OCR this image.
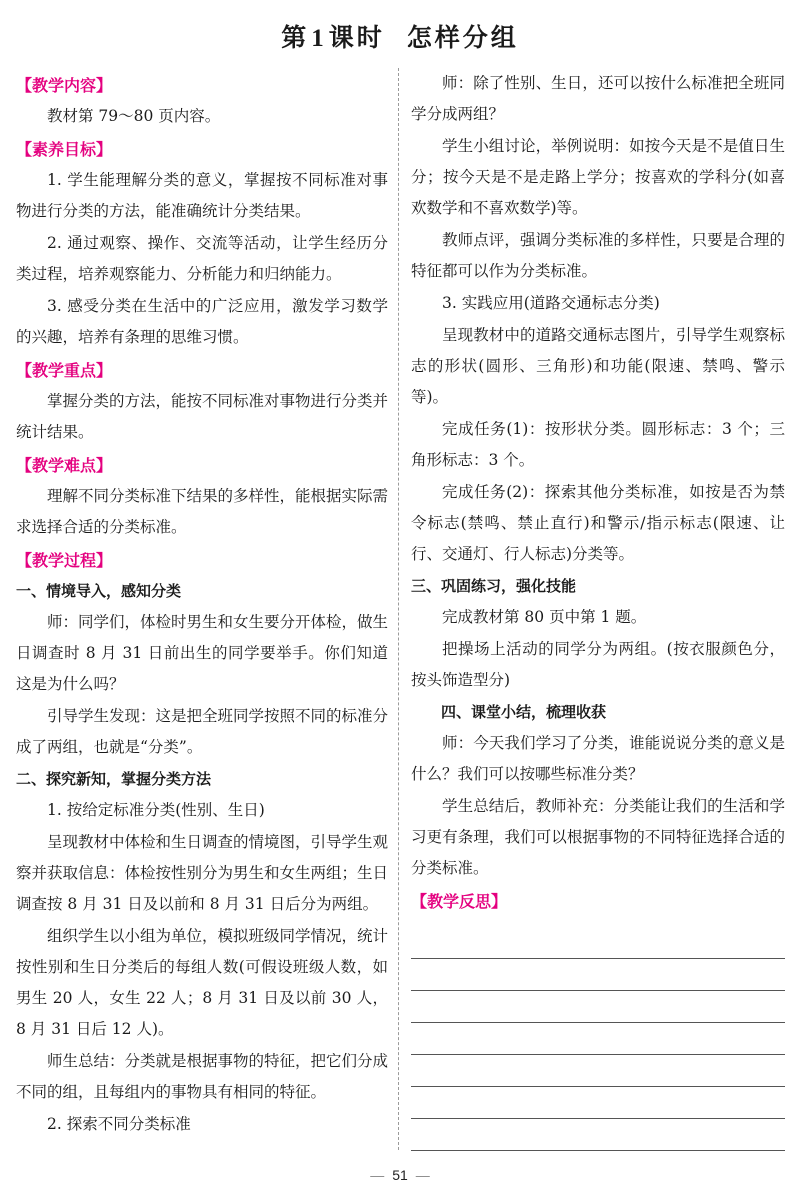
第1课时 怎样分组
【教学内容】

教材第 79～80 页内容。

【素养目标】

1. 学生能理解分类的意义，掌握按不同标准对事物进行分类的方法，能准确统计分类结果。

2. 通过观察、操作、交流等活动，让学生经历分类过程，培养观察能力、分析能力和归纳能力。

3. 感受分类在生活中的广泛应用，激发学习数学的兴趣，培养有条理的思维习惯。

【教学重点】

掌握分类的方法，能按不同标准对事物进行分类并统计结果。

【教学难点】

理解不同分类标准下结果的多样性，能根据实际需求选择合适的分类标准。

【教学过程】
一、情境导入，感知分类

师：同学们，体检时男生和女生要分开体检，做生日调查时 8 月 31 日前出生的同学要举手。你们知道这是为什么吗？

引导学生发现：这是把全班同学按照不同的标准分成了两组，也就是“分类”。

二、探究新知，掌握分类方法

1. 按给定标准分类(性别、生日)

呈现教材中体检和生日调查的情境图，引导学生观察并获取信息：体检按性别分为男生和女生两组；生日调查按 8 月 31 日及以前和 8 月 31 日后分为两组。

组织学生以小组为单位，模拟班级同学情况，统计按性别和生日分类后的每组人数(可假设班级人数，如男生 20 人，女生 22 人；8 月 31 日及以前 30 人，8 月 31 日后 12 人)。

师生总结：分类就是根据事物的特征，把它们分成不同的组，且每组内的事物具有相同的特征。

2. 探索不同分类标准

师：除了性别、生日，还可以按什么标准把全班同学分成两组？

学生小组讨论，举例说明：如按今天是不是值日生分；按今天是不是走路上学分；按喜欢的学科分(如喜欢数学和不喜欢数学)等。

教师点评，强调分类标准的多样性，只要是合理的特征都可以作为分类标准。

3. 实践应用(道路交通标志分类)

呈现教材中的道路交通标志图片，引导学生观察标志的形状(圆形、三角形)和功能(限速、禁鸣、警示等)。

完成任务(1)：按形状分类。圆形标志：3 个；三角形标志：3 个。

完成任务(2)：探索其他分类标准，如按是否为禁令标志(禁鸣、禁止直行)和警示/指示标志(限速、让行、交通灯、行人标志)分类等。

三、巩固练习，强化技能

完成教材第 80 页中第 1 题。

把操场上活动的同学分为两组。(按衣服颜色分，按头饰造型分)

四、课堂小结，梳理收获

师：今天我们学习了分类，谁能说说分类的意义是什么？我们可以按哪些标准分类？

学生总结后，教师补充：分类能让我们的生活和学习更有条理，我们可以根据事物的不同特征选择合适的分类标准。

【教学反思】
— 51 —
